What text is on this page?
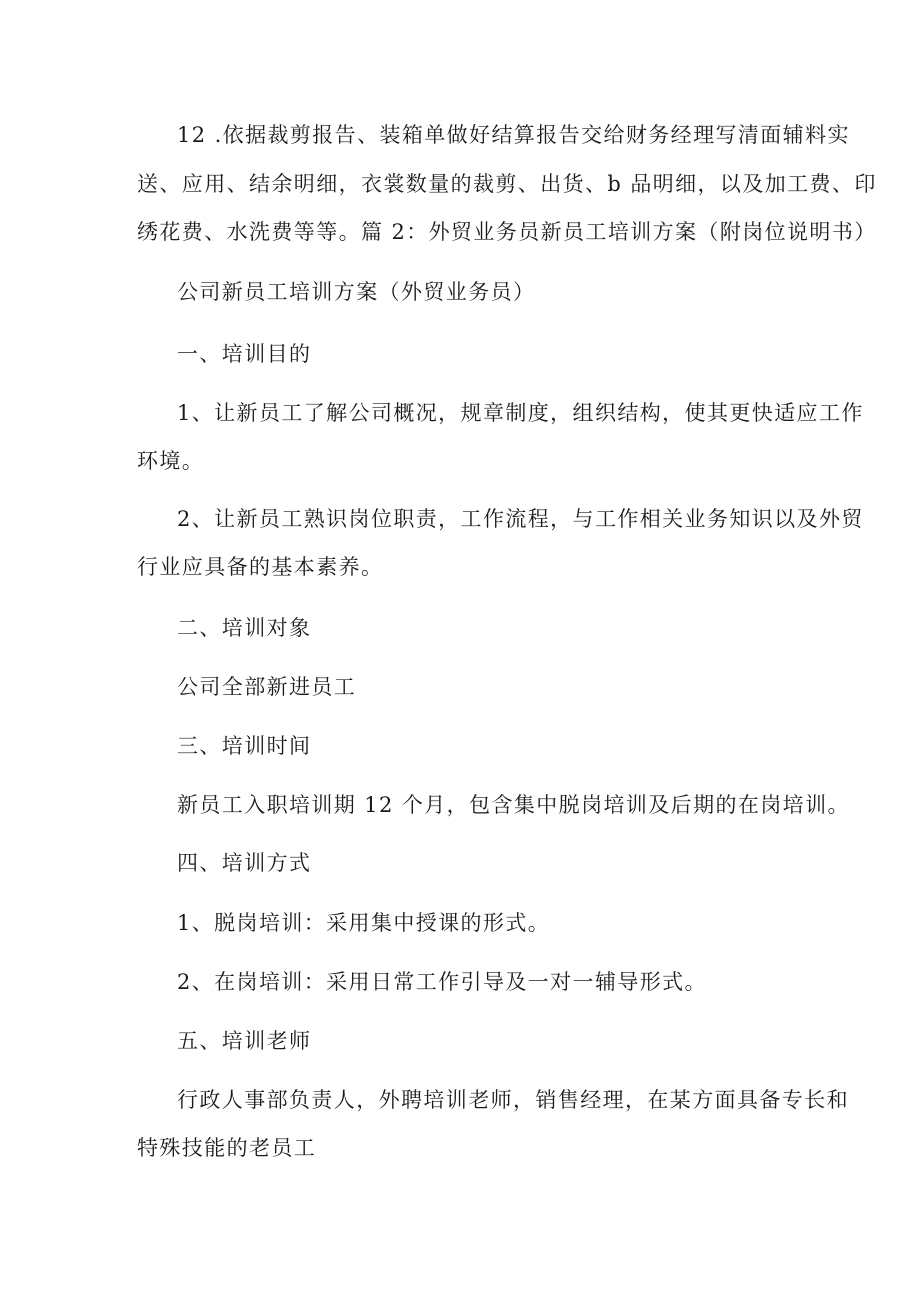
12 .依据裁剪报告、装箱单做好结算报告交给财务经理写清面辅料实
送、应用、结余明细，衣裳数量的裁剪、出货、b 品明细，以及加工费、印
绣花费、水洗费等等。篇 2：外贸业务员新员工培训方案（附岗位说明书）
公司新员工培训方案（外贸业务员）
一、培训目的
1、让新员工了解公司概况，规章制度，组织结构，使其更快适应工作
环境。
2、让新员工熟识岗位职责，工作流程，与工作相关业务知识以及外贸
行业应具备的基本素养。
二、培训对象
公司全部新进员工
三、培训时间
新员工入职培训期 12 个月，包含集中脱岗培训及后期的在岗培训。
四、培训方式
1、脱岗培训：采用集中授课的形式。
2、在岗培训：采用日常工作引导及一对一辅导形式。
五、培训老师
行政人事部负责人，外聘培训老师，销售经理，在某方面具备专长和
特殊技能的老员工
